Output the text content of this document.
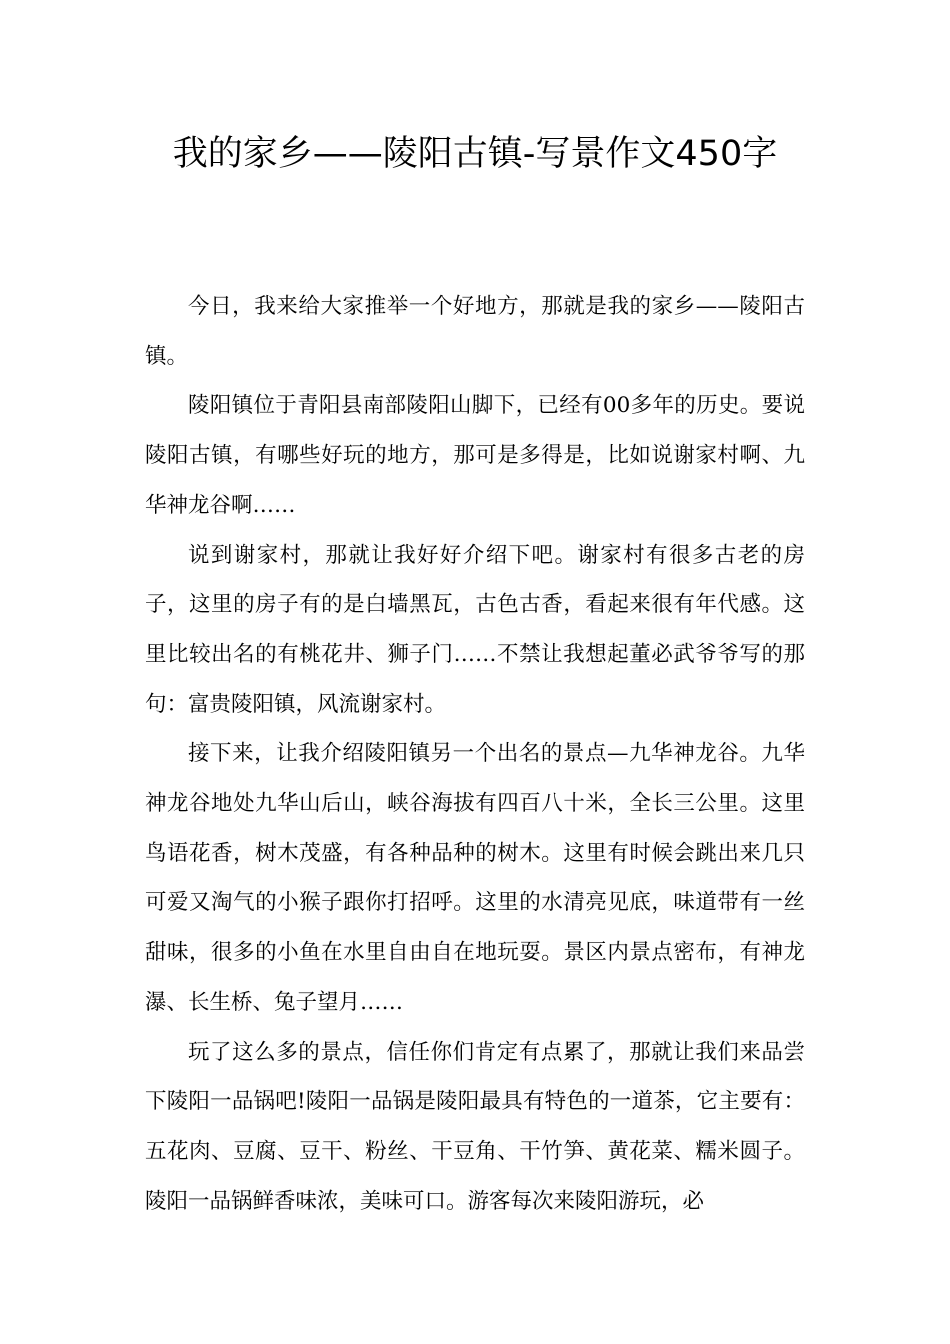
我的家乡——陵阳古镇-写景作文450字

今日，我来给大家推举一个好地方，那就是我的家乡——陵阳古镇。

陵阳镇位于青阳县南部陵阳山脚下，已经有00多年的历史。要说陵阳古镇，有哪些好玩的地方，那可是多得是，比如说谢家村啊、九华神龙谷啊……

说到谢家村，那就让我好好介绍下吧。谢家村有很多古老的房子，这里的房子有的是白墙黑瓦，古色古香，看起来很有年代感。这里比较出名的有桃花井、狮子门……不禁让我想起董必武爷爷写的那句：富贵陵阳镇，风流谢家村。

接下来，让我介绍陵阳镇另一个出名的景点—九华神龙谷。九华神龙谷地处九华山后山，峡谷海拔有四百八十米，全长三公里。这里鸟语花香，树木茂盛，有各种品种的树木。这里有时候会跳出来几只可爱又淘气的小猴子跟你打招呼。这里的水清亮见底，味道带有一丝甜味，很多的小鱼在水里自由自在地玩耍。景区内景点密布，有神龙瀑、长生桥、兔子望月……

玩了这么多的景点，信任你们肯定有点累了，那就让我们来品尝下陵阳一品锅吧!陵阳一品锅是陵阳最具有特色的一道茶，它主要有：五花肉、豆腐、豆干、粉丝、干豆角、干竹笋、黄花菜、糯米圆子。陵阳一品锅鲜香味浓，美味可口。游客每次来陵阳游玩，必
